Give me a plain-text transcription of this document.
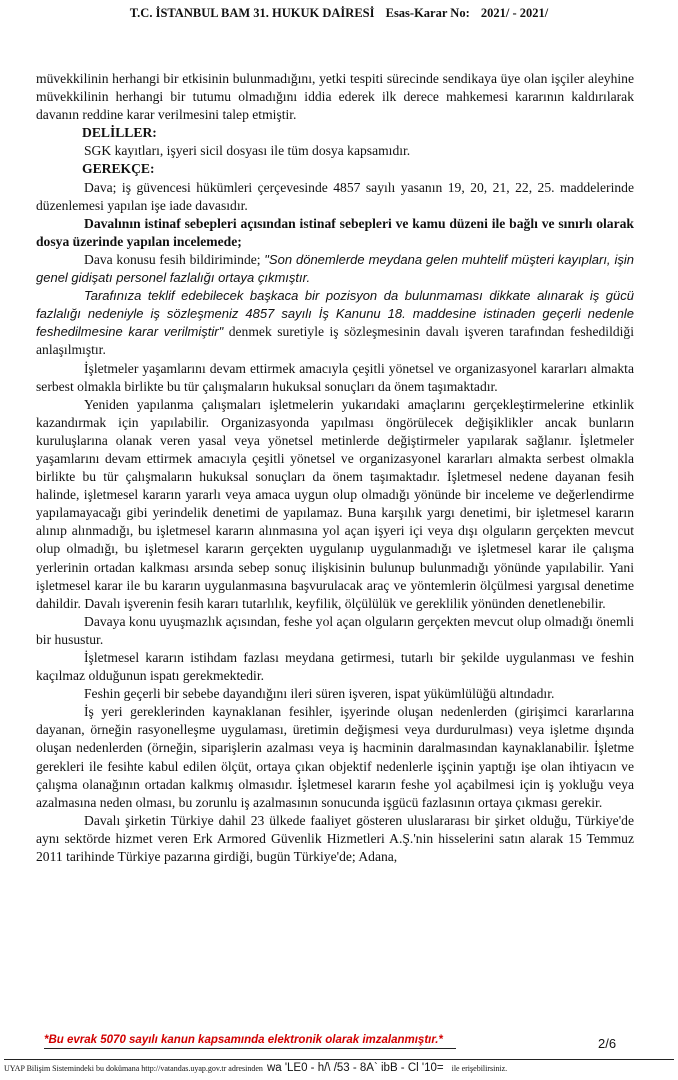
T.C. İSTANBUL BAM 31. HUKUK DAİRESİ Esas-Karar No: 2021/ - 2021/

müvekkilinin herhangi bir etkisinin bulunmadığını, yetki tespiti sürecinde sendikaya üye olan işçiler aleyhine müvekkilinin herhangi bir tutumu olmadığını iddia ederek ilk derece mahkemesi kararının kaldırılarak davanın reddine karar verilmesini talep etmiştir.

DELİLLER:

SGK kayıtları, işyeri sicil dosyası ile tüm dosya kapsamıdır.

GEREKÇE:

Dava; iş güvencesi hükümleri çerçevesinde 4857 sayılı yasanın 19, 20, 21, 22, 25. maddelerinde düzenlemesi yapılan işe iade davasıdır.

Davalının istinaf sebepleri açısından istinaf sebepleri ve kamu düzeni ile bağlı ve sınırlı olarak dosya üzerinde yapılan incelemede;

Dava konusu fesih bildiriminde; "Son dönemlerde meydana gelen muhtelif müşteri kayıpları, işin genel gidişatı personel fazlalığı ortaya çıkmıştır.

Tarafınıza teklif edebilecek başkaca bir pozisyon da bulunmaması dikkate alınarak iş gücü fazlalığı nedeniyle iş sözleşmeniz 4857 sayılı İş Kanunu 18. maddesine istinaden geçerli nedenle feshedilmesine karar verilmiştir" denmek suretiyle iş sözleşmesinin davalı işveren tarafından feshedildiği anlaşılmıştır.

İşletmeler yaşamlarını devam ettirmek amacıyla çeşitli yönetsel ve organizasyonel kararları almakta serbest olmakla birlikte bu tür çalışmaların hukuksal sonuçları da önem taşımaktadır.

Yeniden yapılanma çalışmaları işletmelerin yukarıdaki amaçlarını gerçekleştirmelerine etkinlik kazandırmak için yapılabilir. Organizasyonda yapılması öngörülecek değişiklikler ancak bunların kuruluşlarına olanak veren yasal veya yönetsel metinlerde değiştirmeler yapılarak sağlanır. İşletmeler yaşamlarını devam ettirmek amacıyla çeşitli yönetsel ve organizasyonel kararları almakta serbest olmakla birlikte bu tür çalışmaların hukuksal sonuçları da önem taşımaktadır. İşletmesel nedene dayanan fesih halinde, işletmesel kararın yararlı veya amaca uygun olup olmadığı yönünde bir inceleme ve değerlendirme yapılamayacağı gibi yerindelik denetimi de yapılamaz. Buna karşılık yargı denetimi, bir işletmesel kararın alınıp alınmadığı, bu işletmesel kararın alınmasına yol açan işyeri içi veya dışı olguların gerçekten mevcut olup olmadığı, bu işletmesel kararın gerçekten uygulanıp uygulanmadığı ve işletmesel karar ile çalışma yerlerinin ortadan kalkması arsında sebep sonuç ilişkisinin bulunup bulunmadığı yönünde yapılabilir. Yani işletmesel karar ile bu kararın uygulanmasına başvurulacak araç ve yöntemlerin ölçülmesi yargısal denetime dahildir. Davalı işverenin fesih kararı tutarlılık, keyfilik, ölçülülük ve gereklilik yönünden denetlenebilir.

Davaya konu uyuşmazlık açısından, feshe yol açan olguların gerçekten mevcut olup olmadığı önemli bir husustur.

İşletmesel kararın istihdam fazlası meydana getirmesi, tutarlı bir şekilde uygulanması ve feshin kaçılmaz olduğunun ispatı gerekmektedir.

Feshin geçerli bir sebebe dayandığını ileri süren işveren, ispat yükümlülüğü altındadır.

İş yeri gereklerinden kaynaklanan fesihler, işyerinde oluşan nedenlerden (girişimci kararlarına dayanan, örneğin rasyonelleşme uygulaması, üretimin değişmesi veya durdurulması) veya işletme dışında oluşan nedenlerden (örneğin, siparişlerin azalması veya iş hacminin daralmasından kaynaklanabilir. İşletme gerekleri ile fesihte kabul edilen ölçüt, ortaya çıkan objektif nedenlerle işçinin yaptığı işe olan ihtiyacın ve çalışma olanağının ortadan kalkmış olmasıdır. İşletmesel kararın feshe yol açabilmesi için iş yokluğu veya azalmasına neden olması, bu zorunlu iş azalmasının sonucunda işgücü fazlasının ortaya çıkması gerekir.

Davalı şirketin Türkiye dahil 23 ülkede faaliyet gösteren uluslararası bir şirket olduğu, Türkiye'de aynı sektörde hizmet veren Erk Armored Güvenlik Hizmetleri A.Ş.'nin hisselerini satın alarak 15 Temmuz 2011 tarihinde Türkiye pazarına girdiği, bugün Türkiye'de; Adana,

*Bu evrak 5070 sayılı kanun kapsamında elektronik olarak imzalanmıştır.*	2/6
UYAP Bilişim Sistemindeki bu dokümana http://vatandas.uyap.gov.tr adresinden wa 'LE0 - h/\ /53 - 8A` ibB - Cl '10= ile erişebilirsiniz.
